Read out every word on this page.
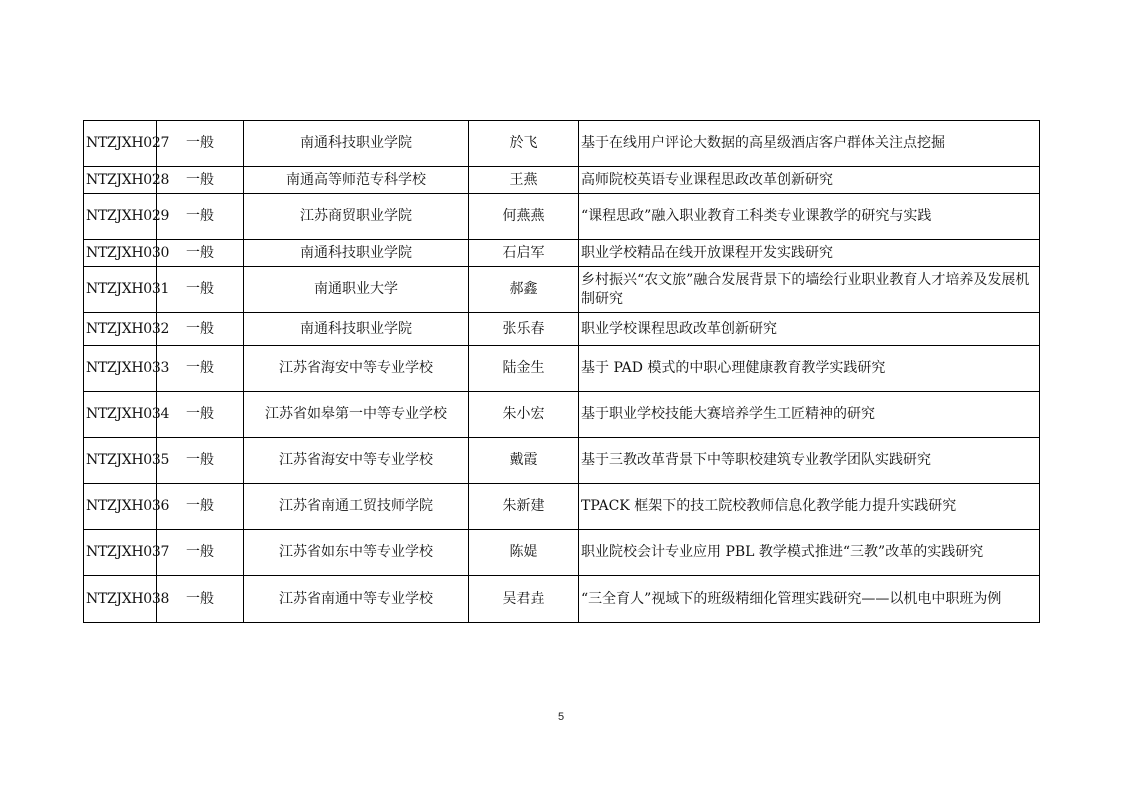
NTZJXH027	一般	南通科技职业学院	於飞	基于在线用户评论大数据的高星级酒店客户群体关注点挖掘
NTZJXH028	一般	南通高等师范专科学校	王燕	高师院校英语专业课程思政改革创新研究
NTZJXH029	一般	江苏商贸职业学院	何燕燕	“课程思政”融入职业教育工科类专业课教学的研究与实践
NTZJXH030	一般	南通科技职业学院	石启军	职业学校精品在线开放课程开发实践研究
NTZJXH031	一般	南通职业大学	郝鑫	乡村振兴“农文旅”融合发展背景下的墙绘行业职业教育人才培养及发展机制研究
NTZJXH032	一般	南通科技职业学院	张乐春	职业学校课程思政改革创新研究
NTZJXH033	一般	江苏省海安中等专业学校	陆金生	基于 PAD 模式的中职心理健康教育教学实践研究
NTZJXH034	一般	江苏省如皋第一中等专业学校	朱小宏	基于职业学校技能大赛培养学生工匠精神的研究
NTZJXH035	一般	江苏省海安中等专业学校	戴霞	基于三教改革背景下中等职校建筑专业教学团队实践研究
NTZJXH036	一般	江苏省南通工贸技师学院	朱新建	TPACK 框架下的技工院校教师信息化教学能力提升实践研究
NTZJXH037	一般	江苏省如东中等专业学校	陈媞	职业院校会计专业应用 PBL 教学模式推进“三教”改革的实践研究
NTZJXH038	一般	江苏省南通中等专业学校	吴君垚	“三全育人”视域下的班级精细化管理实践研究——以机电中职班为例
5
